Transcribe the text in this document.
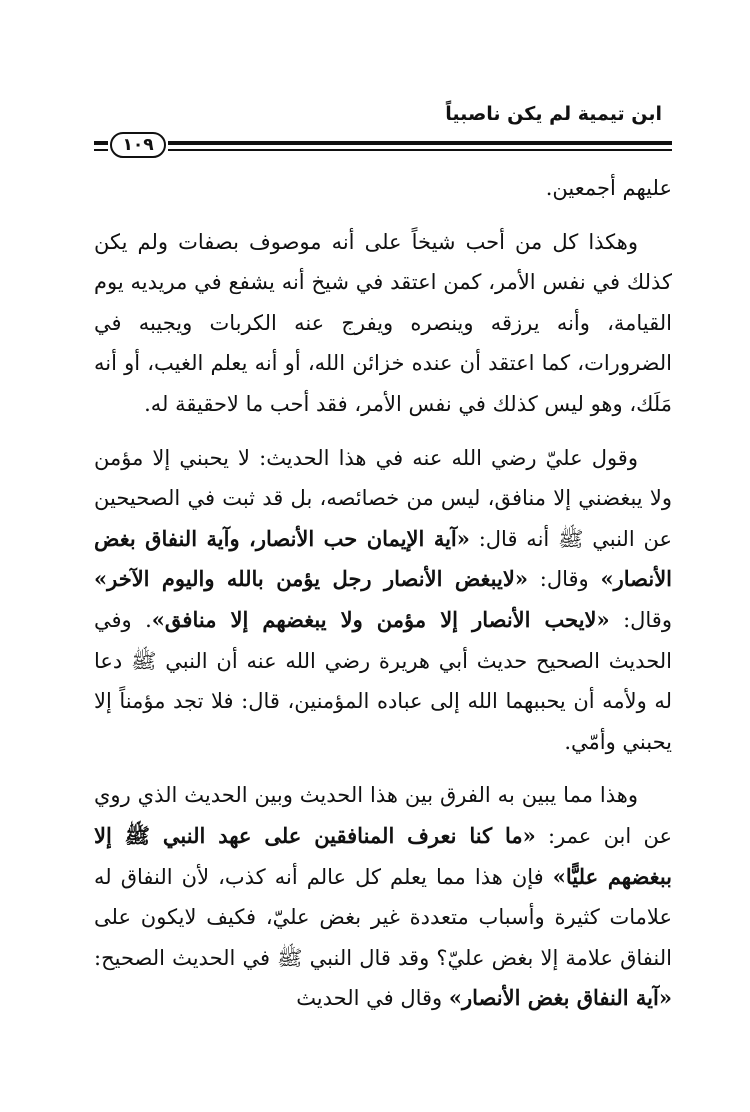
ابن تيمية لم يكن ناصبياً
١٠٩

عليهم أجمعين.

وهكذا كل من أحب شيخاً على أنه موصوف بصفات ولم يكن كذلك في نفس الأمر، كمن اعتقد في شيخ أنه يشفع في مريديه يوم القيامة، وأنه يرزقه وينصره ويفرج عنه الكربات ويجيبه في الضرورات، كما اعتقد أن عنده خزائن الله، أو أنه يعلم الغيب، أو أنه مَلَك، وهو ليس كذلك في نفس الأمر، فقد أحب ما لاحقيقة له.

وقول عليّ رضي الله عنه في هذا الحديث: لا يحبني إلا مؤمن ولا يبغضني إلا منافق، ليس من خصائصه، بل قد ثبت في الصحيحين عن النبي ﷺ أنه قال: «آية الإيمان حب الأنصار، وآية النفاق بغض الأنصار» وقال: «لايبغض الأنصار رجل يؤمن بالله واليوم الآخر» وقال: «لايحب الأنصار إلا مؤمن ولا يبغضهم إلا منافق». وفي الحديث الصحيح حديث أبي هريرة رضي الله عنه أن النبي ﷺ دعا له ولأمه أن يحببهما الله إلى عباده المؤمنين، قال: فلا تجد مؤمناً إلا يحبني وأمّي.

وهذا مما يبين به الفرق بين هذا الحديث وبين الحديث الذي روي عن ابن عمر: «ما كنا نعرف المنافقين على عهد النبي ﷺ إلا ببغضهم عليًّا» فإن هذا مما يعلم كل عالم أنه كذب، لأن النفاق له علامات كثيرة وأسباب متعددة غير بغض عليّ، فكيف لايكون على النفاق علامة إلا بغض عليّ؟ وقد قال النبي ﷺ في الحديث الصحيح: «آية النفاق بغض الأنصار» وقال في الحديث
